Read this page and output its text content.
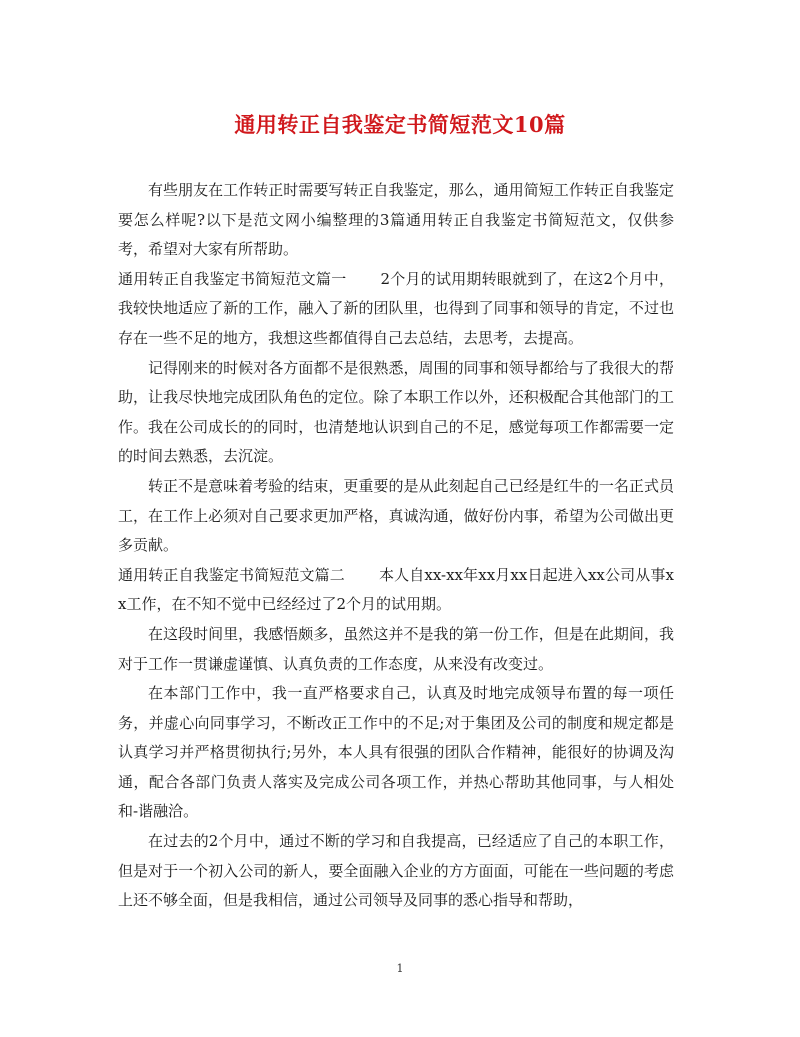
通用转正自我鉴定书简短范文10篇

有些朋友在工作转正时需要写转正自我鉴定，那么，通用简短工作转正自我鉴定要怎么样呢?以下是范文网小编整理的3篇通用转正自我鉴定书简短范文，仅供参考，希望对大家有所帮助。

通用转正自我鉴定书简短范文篇一 2个月的试用期转眼就到了，在这2个月中，我较快地适应了新的工作，融入了新的团队里，也得到了同事和领导的肯定，不过也存在一些不足的地方，我想这些都值得自己去总结，去思考，去提高。

记得刚来的时候对各方面都不是很熟悉，周围的同事和领导都给与了我很大的帮助，让我尽快地完成团队角色的定位。除了本职工作以外，还积极配合其他部门的工作。我在公司成长的的同时，也清楚地认识到自己的不足，感觉每项工作都需要一定的时间去熟悉，去沉淀。

转正不是意味着考验的结束，更重要的是从此刻起自己已经是红牛的一名正式员工，在工作上必须对自己要求更加严格，真诚沟通，做好份内事，希望为公司做出更多贡献。

通用转正自我鉴定书简短范文篇二 本人自xx-xx年xx月xx日起进入xx公司从事xx工作，在不知不觉中已经经过了2个月的试用期。

在这段时间里，我感悟颇多，虽然这并不是我的第一份工作，但是在此期间，我对于工作一贯谦虚谨慎、认真负责的工作态度，从来没有改变过。

在本部门工作中，我一直严格要求自己，认真及时地完成领导布置的每一项任务，并虚心向同事学习，不断改正工作中的不足;对于集团及公司的制度和规定都是认真学习并严格贯彻执行;另外，本人具有很强的团队合作精神，能很好的协调及沟通，配合各部门负责人落实及完成公司各项工作，并热心帮助其他同事，与人相处和-谐融洽。

在过去的2个月中，通过不断的学习和自我提高，已经适应了自己的本职工作，但是对于一个初入公司的新人，要全面融入企业的方方面面，可能在一些问题的考虑上还不够全面，但是我相信，通过公司领导及同事的悉心指导和帮助，

1
